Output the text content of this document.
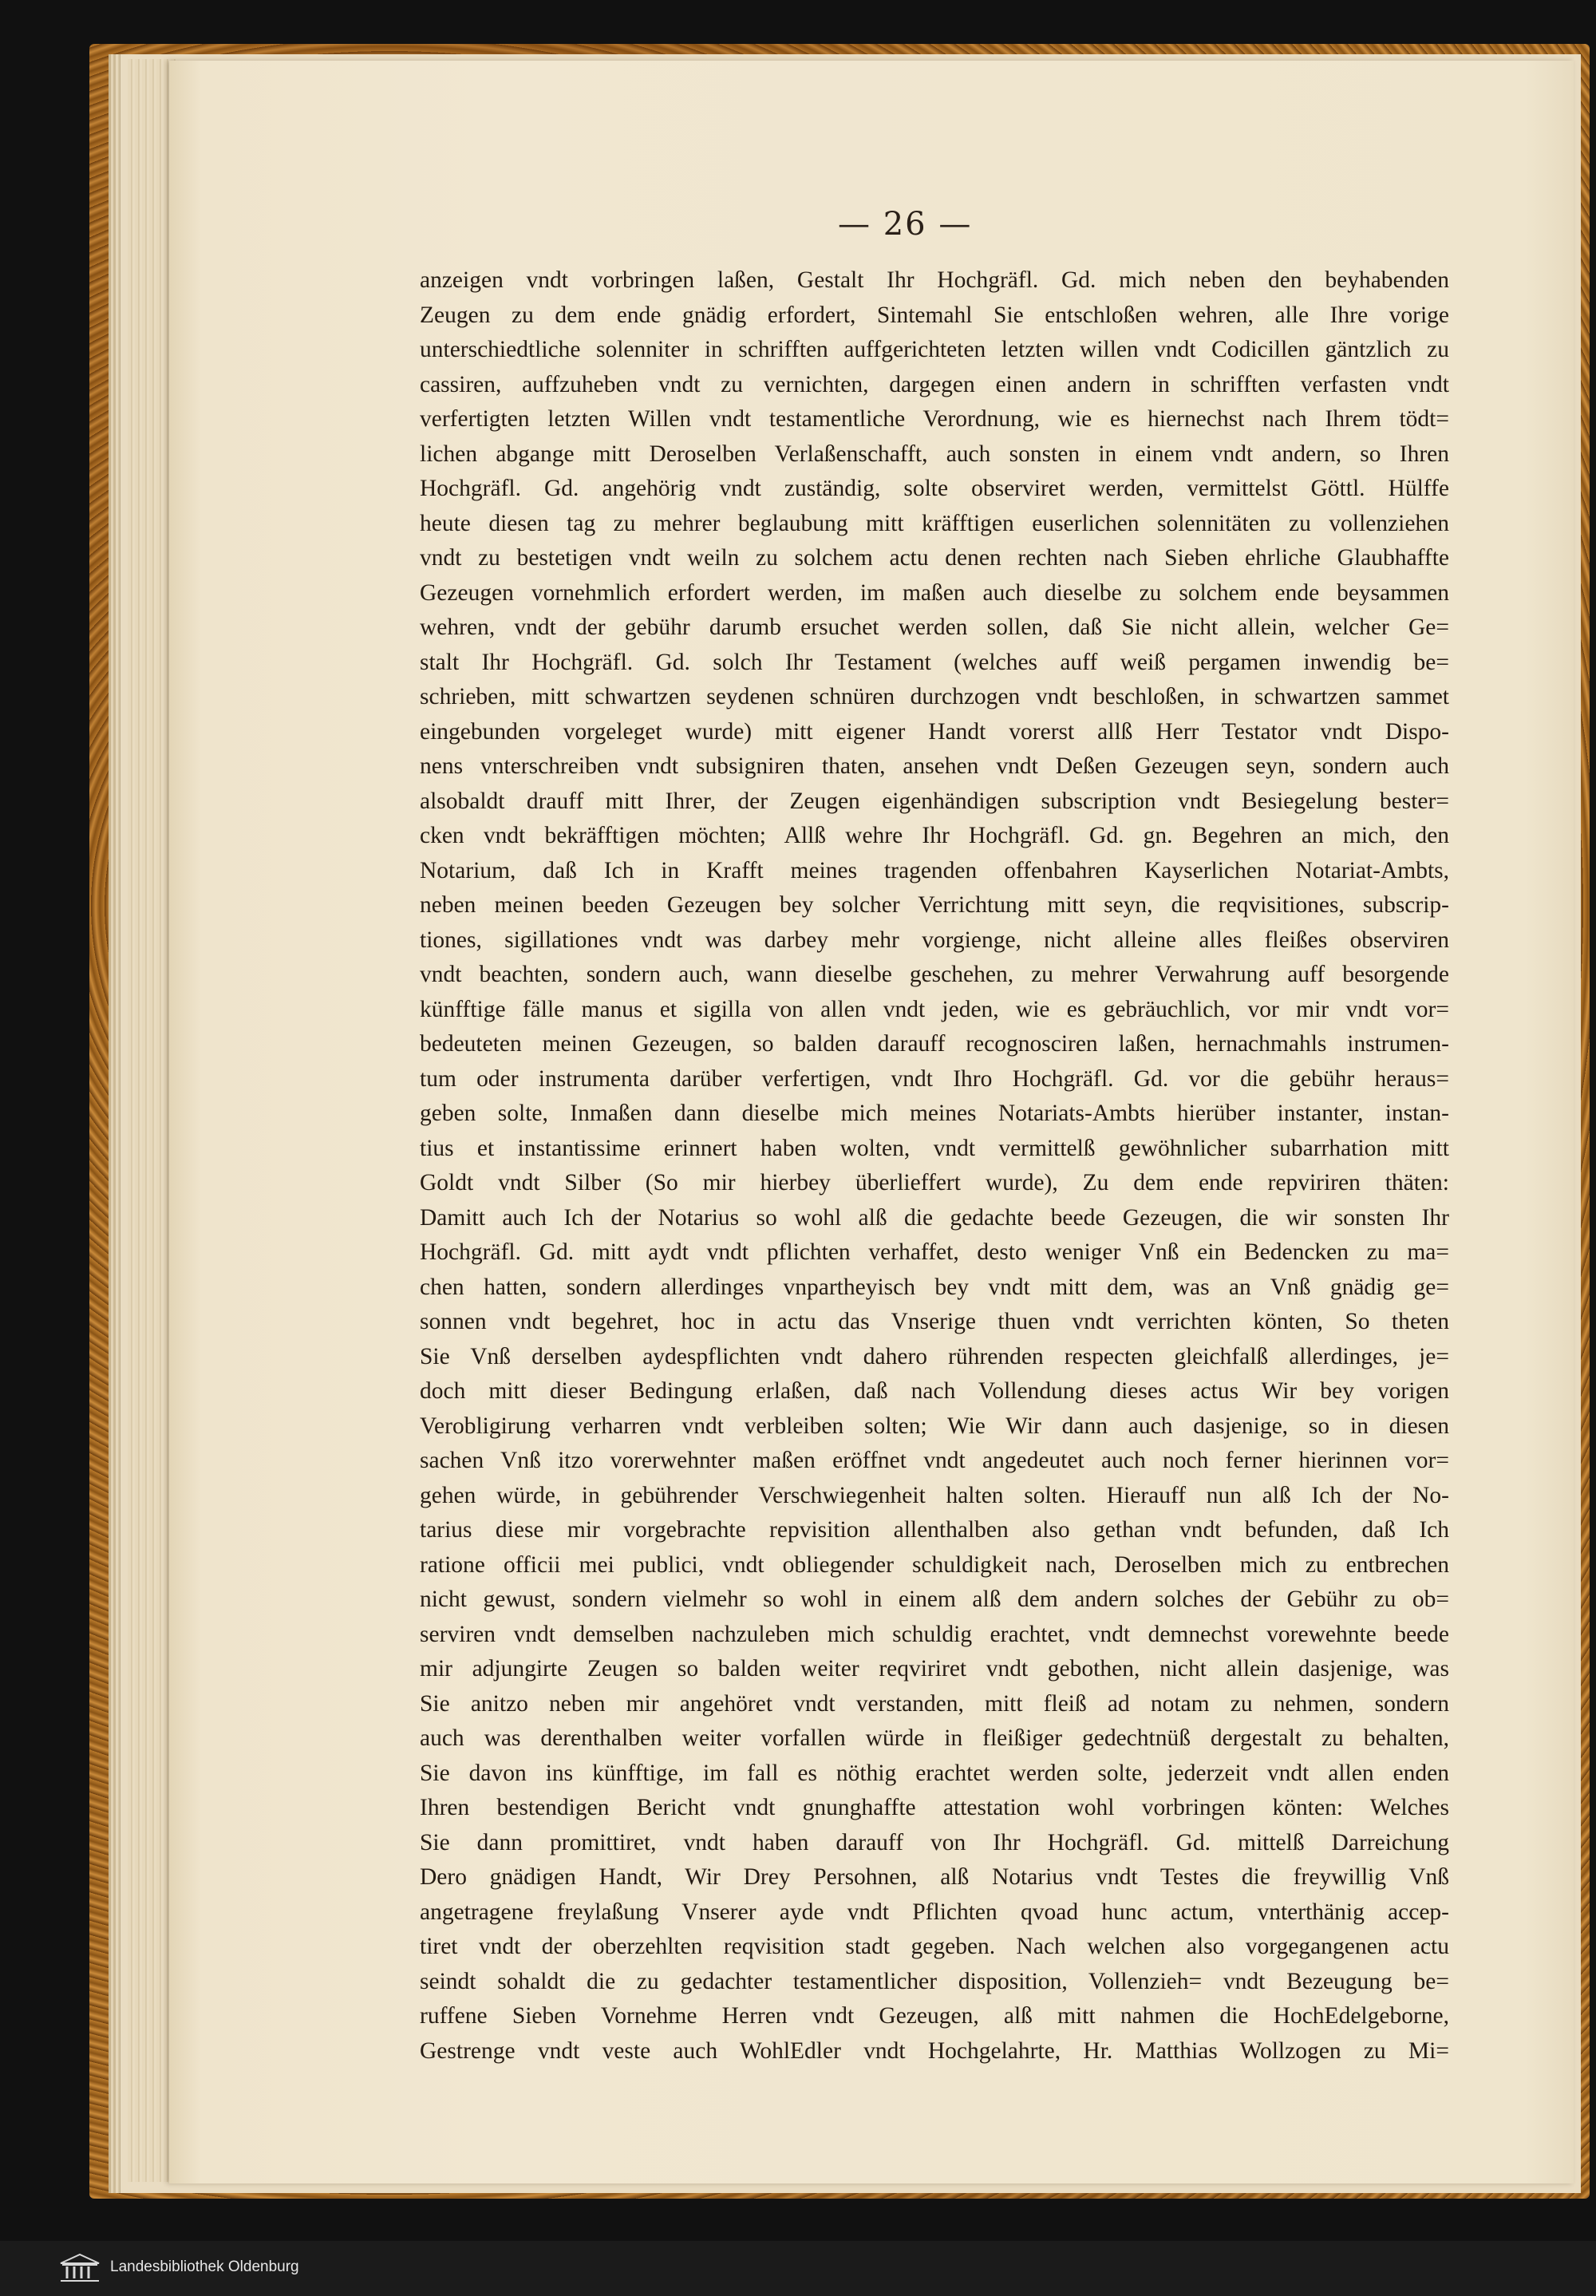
— 26 —
anzeigen vndt vorbringen laßen, Gestalt Ihr Hochgräfl. Gd. mich neben den beyhabenden
Zeugen zu dem ende gnädig erfordert, Sintemahl Sie entschloßen wehren, alle Ihre vorige
unterschiedtliche solenniter in schrifften auffgerichteten letzten willen vndt Codicillen gäntzlich zu
cassiren, auffzuheben vndt zu vernichten, dargegen einen andern in schrifften verfasten vndt
verfertigten letzten Willen vndt testamentliche Verordnung, wie es hiernechst nach Ihrem tödt=
lichen abgange mitt Deroselben Verlaßenschafft, auch sonsten in einem vndt andern, so Ihren
Hochgräfl. Gd. angehörig vndt zuständig, solte observiret werden, vermittelst Göttl. Hülffe
heute diesen tag zu mehrer beglaubung mitt kräfftigen euserlichen solennitäten zu vollenziehen
vndt zu bestetigen vndt weiln zu solchem actu denen rechten nach Sieben ehrliche Glaubhaffte
Gezeugen vornehmlich erfordert werden, im maßen auch dieselbe zu solchem ende beysammen
wehren, vndt der gebühr darumb ersuchet werden sollen, daß Sie nicht allein, welcher Ge=
stalt Ihr Hochgräfl. Gd. solch Ihr Testament (welches auff weiß pergamen inwendig be=
schrieben, mitt schwartzen seydenen schnüren durchzogen vndt beschloßen, in schwartzen sammet
eingebunden vorgeleget wurde) mitt eigener Handt vorerst allß Herr Testator vndt Dispo-
nens vnterschreiben vndt subsigniren thaten, ansehen vndt Deßen Gezeugen seyn, sondern auch
alsobaldt drauff mitt Ihrer, der Zeugen eigenhändigen subscription vndt Besiegelung bester=
cken vndt bekräfftigen möchten; Allß wehre Ihr Hochgräfl. Gd. gn. Begehren an mich, den
Notarium, daß Ich in Krafft meines tragenden offenbahren Kayserlichen Notariat-Ambts,
neben meinen beeden Gezeugen bey solcher Verrichtung mitt seyn, die reqvisitiones, subscrip-
tiones, sigillationes vndt was darbey mehr vorgienge, nicht alleine alles fleißes observiren
vndt beachten, sondern auch, wann dieselbe geschehen, zu mehrer Verwahrung auff besorgende
künfftige fälle manus et sigilla von allen vndt jeden, wie es gebräuchlich, vor mir vndt vor=
bedeuteten meinen Gezeugen, so balden darauff recognosciren laßen, hernachmahls instrumen-
tum oder instrumenta darüber verfertigen, vndt Ihro Hochgräfl. Gd. vor die gebühr heraus=
geben solte, Inmaßen dann dieselbe mich meines Notariats-Ambts hierüber instanter, instan-
tius et instantissime erinnert haben wolten, vndt vermittelß gewöhnlicher subarrhation mitt
Goldt vndt Silber (So mir hierbey überlieffert wurde), Zu dem ende repviriren thäten:
Damitt auch Ich der Notarius so wohl alß die gedachte beede Gezeugen, die wir sonsten Ihr
Hochgräfl. Gd. mitt aydt vndt pflichten verhaffet, desto weniger Vnß ein Bedencken zu ma=
chen hatten, sondern allerdinges vnpartheyisch bey vndt mitt dem, was an Vnß gnädig ge=
sonnen vndt begehret, hoc in actu das Vnserige thuen vndt verrichten könten, So theten
Sie Vnß derselben aydespflichten vndt dahero rührenden respecten gleichfalß allerdinges, je=
doch mitt dieser Bedingung erlaßen, daß nach Vollendung dieses actus Wir bey vorigen
Verobligirung verharren vndt verbleiben solten; Wie Wir dann auch dasjenige, so in diesen
sachen Vnß itzo vorerwehnter maßen eröffnet vndt angedeutet auch noch ferner hierinnen vor=
gehen würde, in gebührender Verschwiegenheit halten solten. Hierauff nun alß Ich der No-
tarius diese mir vorgebrachte repvisition allenthalben also gethan vndt befunden, daß Ich
ratione officii mei publici, vndt obliegender schuldigkeit nach, Deroselben mich zu entbrechen
nicht gewust, sondern vielmehr so wohl in einem alß dem andern solches der Gebühr zu ob=
serviren vndt demselben nachzuleben mich schuldig erachtet, vndt demnechst vorewehnte beede
mir adjungirte Zeugen so balden weiter reqviriret vndt gebothen, nicht allein dasjenige, was
Sie anitzo neben mir angehöret vndt verstanden, mitt fleiß ad notam zu nehmen, sondern
auch was derenthalben weiter vorfallen würde in fleißiger gedechtnüß dergestalt zu behalten,
Sie davon ins künfftige, im fall es nöthig erachtet werden solte, jederzeit vndt allen enden
Ihren bestendigen Bericht vndt gnunghaffte attestation wohl vorbringen könten: Welches
Sie dann promittiret, vndt haben darauff von Ihr Hochgräfl. Gd. mittelß Darreichung
Dero gnädigen Handt, Wir Drey Persohnen, alß Notarius vndt Testes die freywillig Vnß
angetragene freylaßung Vnserer ayde vndt Pflichten qvoad hunc actum, vnterthänig accep-
tiret vndt der oberzehlten reqvisition stadt gegeben. Nach welchen also vorgegangenen actu
seindt sohaldt die zu gedachter testamentlicher disposition, Vollenzieh= vndt Bezeugung be=
ruffene Sieben Vornehme Herren vndt Gezeugen, alß mitt nahmen die HochEdelgeborne,
Gestrenge vndt veste auch WohlEdler vndt Hochgelahrte, Hr. Matthias Wollzogen zu Mi=
Landesbibliothek Oldenburg
